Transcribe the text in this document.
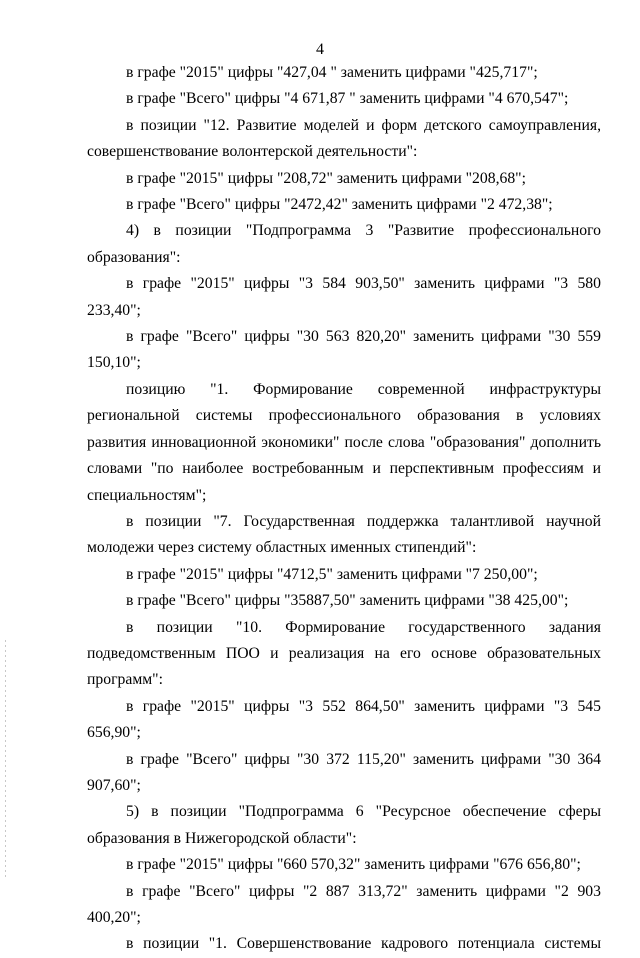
4

в графе "2015" цифры "427,04 " заменить цифрами "425,717";

в графе "Всего" цифры "4 671,87 " заменить цифрами "4 670,547";

в позиции "12. Развитие моделей и форм детского самоуправления, совершенствование волонтерской деятельности":

в графе "2015" цифры "208,72" заменить цифрами "208,68";

в графе "Всего" цифры "2472,42" заменить цифрами "2 472,38";

4) в позиции "Подпрограмма 3 "Развитие профессионального образования":

в графе "2015" цифры "3 584 903,50" заменить цифрами "3 580 233,40";

в графе "Всего" цифры "30 563 820,20" заменить цифрами "30 559 150,10";

позицию "1. Формирование современной инфраструктуры региональной системы профессионального образования в условиях развития инновационной экономики" после слова "образования" дополнить словами "по наиболее востребованным и перспективным профессиям и специальностям";

в позиции "7. Государственная поддержка талантливой научной молодежи через систему областных именных стипендий":

в графе "2015" цифры "4712,5" заменить цифрами "7 250,00";

в графе "Всего" цифры "35887,50" заменить цифрами "38 425,00";

в позиции "10. Формирование государственного задания подведомственным ПОО и реализация на его основе образовательных программ":

в графе "2015" цифры "3 552 864,50" заменить цифрами "3 545 656,90";

в графе "Всего" цифры "30 372 115,20" заменить цифрами "30 364 907,60";

5) в позиции "Подпрограмма 6 "Ресурсное обеспечение сферы образования в Нижегородской области":

в графе "2015" цифры "660 570,32" заменить цифрами "676 656,80";

в графе "Всего" цифры "2 887 313,72" заменить цифрами "2 903 400,20";

в позиции "1. Совершенствование кадрового потенциала системы
